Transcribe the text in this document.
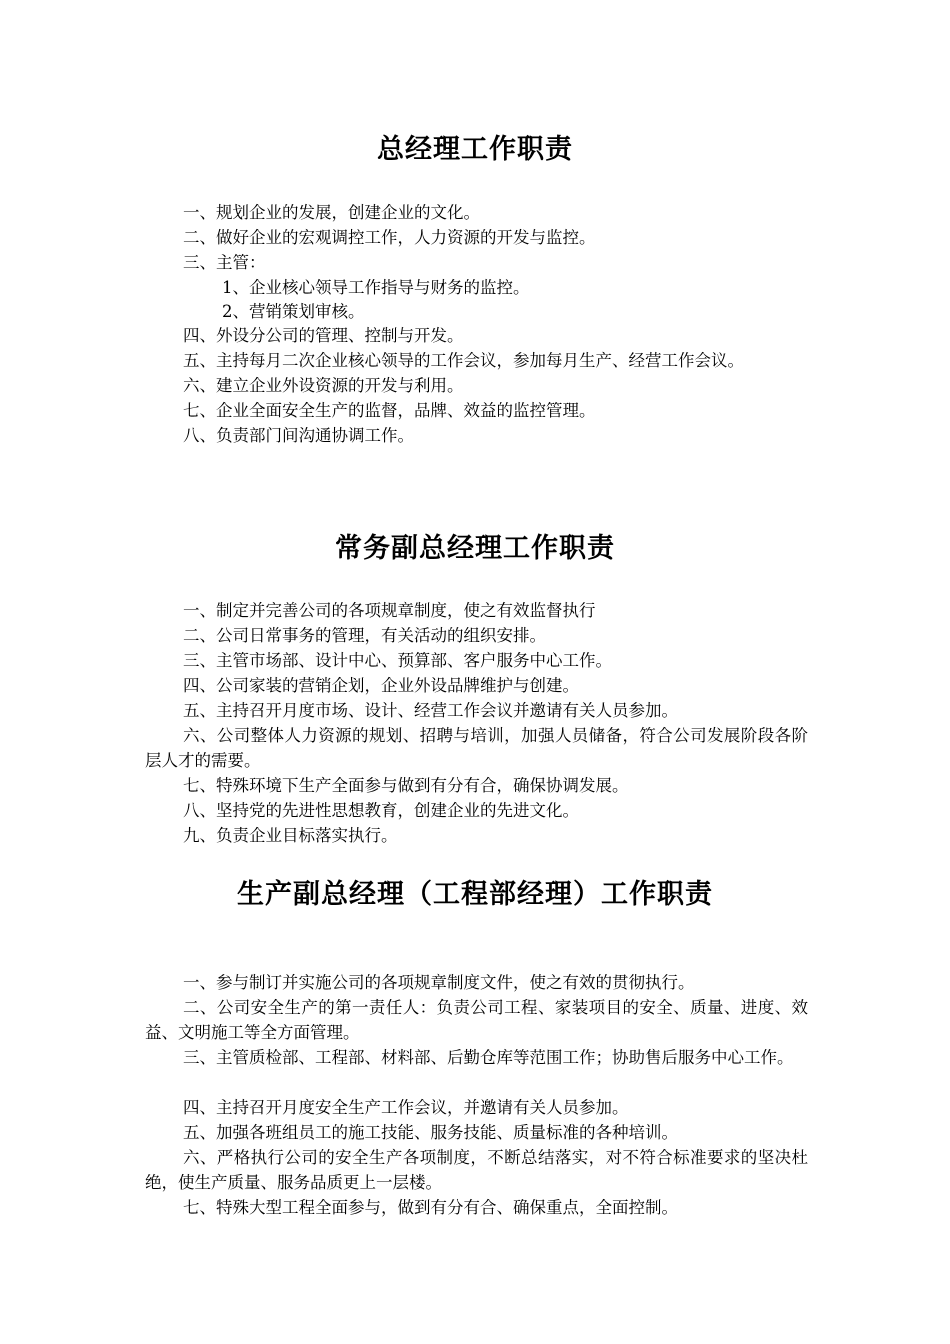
总经理工作职责
一、规划企业的发展，创建企业的文化。
二、做好企业的宏观调控工作，人力资源的开发与监控。
三、主管：
1、企业核心领导工作指导与财务的监控。
2、营销策划审核。
四、外设分公司的管理、控制与开发。
五、主持每月二次企业核心领导的工作会议，参加每月生产、经营工作会议。
六、建立企业外设资源的开发与利用。
七、企业全面安全生产的监督，品牌、效益的监控管理。
八、负责部门间沟通协调工作。
常务副总经理工作职责
一、制定并完善公司的各项规章制度，使之有效监督执行
二、公司日常事务的管理，有关活动的组织安排。
三、主管市场部、设计中心、预算部、客户服务中心工作。
四、公司家装的营销企划，企业外设品牌维护与创建。
五、主持召开月度市场、设计、经营工作会议并邀请有关人员参加。
六、公司整体人力资源的规划、招聘与培训，加强人员储备，符合公司发展阶段各阶层人才的需要。
七、特殊环境下生产全面参与做到有分有合，确保协调发展。
八、坚持党的先进性思想教育，创建企业的先进文化。
九、负责企业目标落实执行。
生产副总经理（工程部经理）工作职责
一、参与制订并实施公司的各项规章制度文件，使之有效的贯彻执行。
二、公司安全生产的第一责任人：负责公司工程、家装项目的安全、质量、进度、效益、文明施工等全方面管理。
三、主管质检部、工程部、材料部、后勤仓库等范围工作；协助售后服务中心工作。
四、主持召开月度安全生产工作会议，并邀请有关人员参加。
五、加强各班组员工的施工技能、服务技能、质量标准的各种培训。
六、严格执行公司的安全生产各项制度，不断总结落实，对不符合标准要求的坚决杜绝，使生产质量、服务品质更上一层楼。
七、特殊大型工程全面参与，做到有分有合、确保重点，全面控制。
